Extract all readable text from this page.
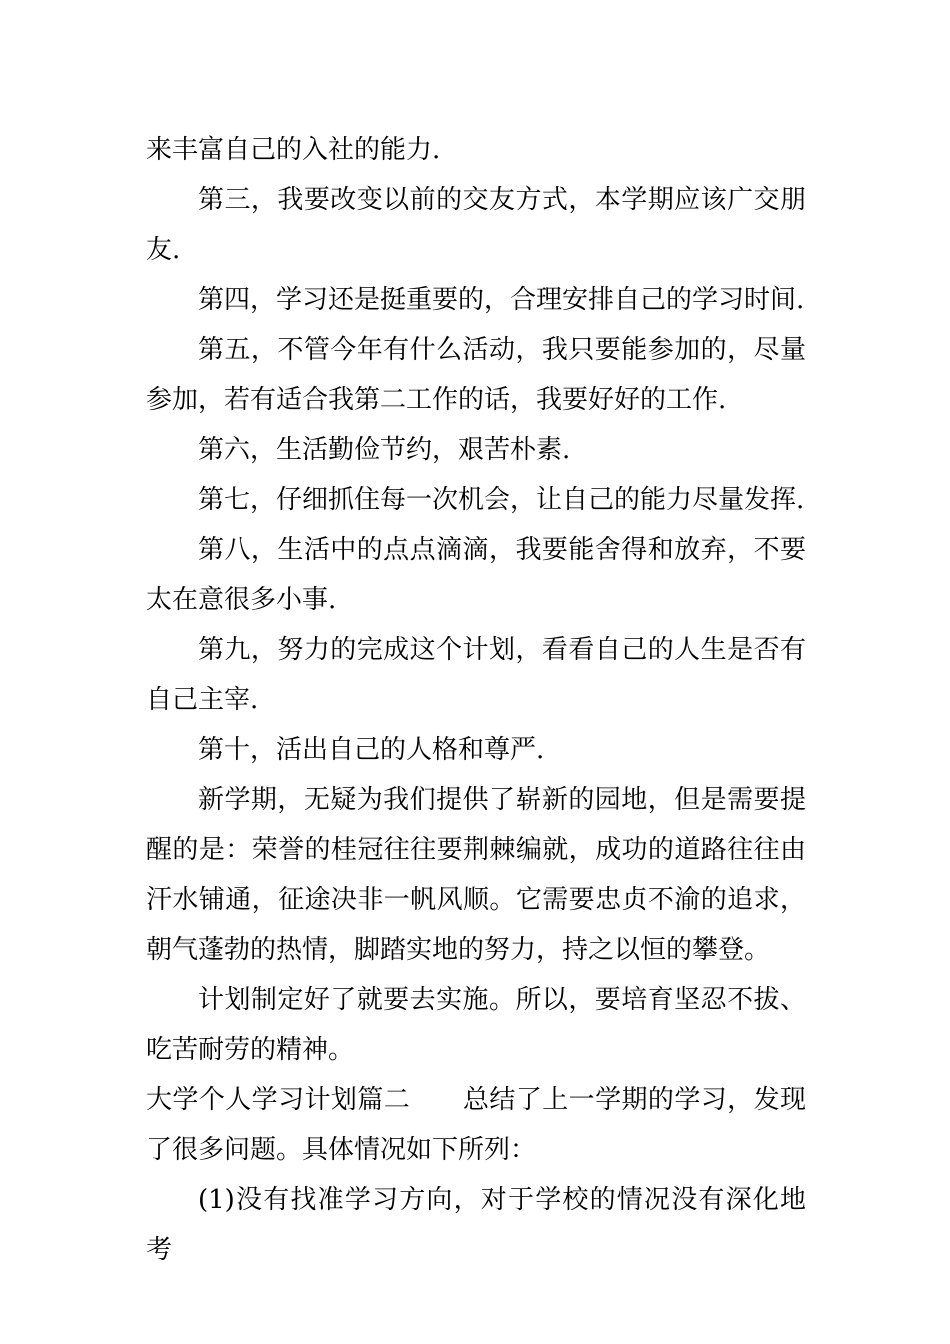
来丰富自己的入社的能力.

第三，我要改变以前的交友方式，本学期应该广交朋友.

第四，学习还是挺重要的，合理安排自己的学习时间.

第五，不管今年有什么活动，我只要能参加的，尽量参加，若有适合我第二工作的话，我要好好的工作.

第六，生活勤俭节约，艰苦朴素.

第七，仔细抓住每一次机会，让自己的能力尽量发挥.

第八，生活中的点点滴滴，我要能舍得和放弃，不要太在意很多小事.

第九，努力的完成这个计划，看看自己的人生是否有自己主宰.

第十，活出自己的人格和尊严.

新学期，无疑为我们提供了崭新的园地，但是需要提醒的是：荣誉的桂冠往往要荆棘编就，成功的道路往往由汗水铺通，征途决非一帆风顺。它需要忠贞不渝的追求，朝气蓬勃的热情，脚踏实地的努力，持之以恒的攀登。

计划制定好了就要去实施。所以，要培育坚忍不拔、吃苦耐劳的精神。

大学个人学习计划篇二　　总结了上一学期的学习，发现了很多问题。具体情况如下所列：

(1)没有找准学习方向，对于学校的情况没有深化地考
